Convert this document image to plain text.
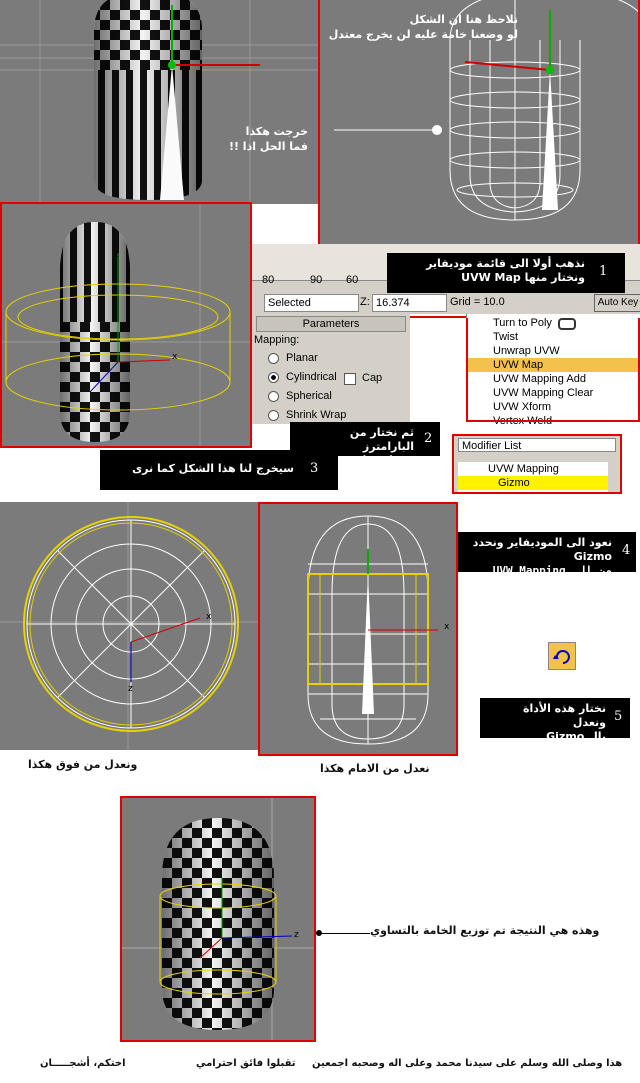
خرجت هكذا
فما الحل اذا !!
نلاحظ هنا ان الشكل
لو وضعنا خامة عليه لن يخرج معتدل
80	90 60
Selected	Z: 16.374	Grid = 10.0	Auto Key
Parameters
Mapping:
Planar
Cylindrical
Spherical
Shrink Wrap
Cap
Turn to Poly
Twist
Unwrap UVW
UVW Map
UVW Mapping Add
UVW Mapping Clear
UVW Xform
Vertex Weld
z
x
1
نذهب أولا الى قائمة موديفاير
ونختار منها UVW Map
2
ثم نختار من البارامترز
Cylindrical
3
سيخرج لنا هذا الشكل كما نرى
Modifier List
UVW Mapping
Gizmo
4
نعود الى الموديفاير ونحدد Gizmo
من الـ UVW Mapping
5
نختار هذه الأداة ونعدل
بال Gizmo
x
z
x
ونعدل من فوق هكذا	نعدل من الامام هكذا
z	وهذه هي النتيجة تم توزيع الخامة بالتساوي
هذا وصلى الله وسلم على سيدنا محمد وعلى اله وصحبه اجمعين
تقبلوا فائق احترامي
اختكم، أشجـــــان
